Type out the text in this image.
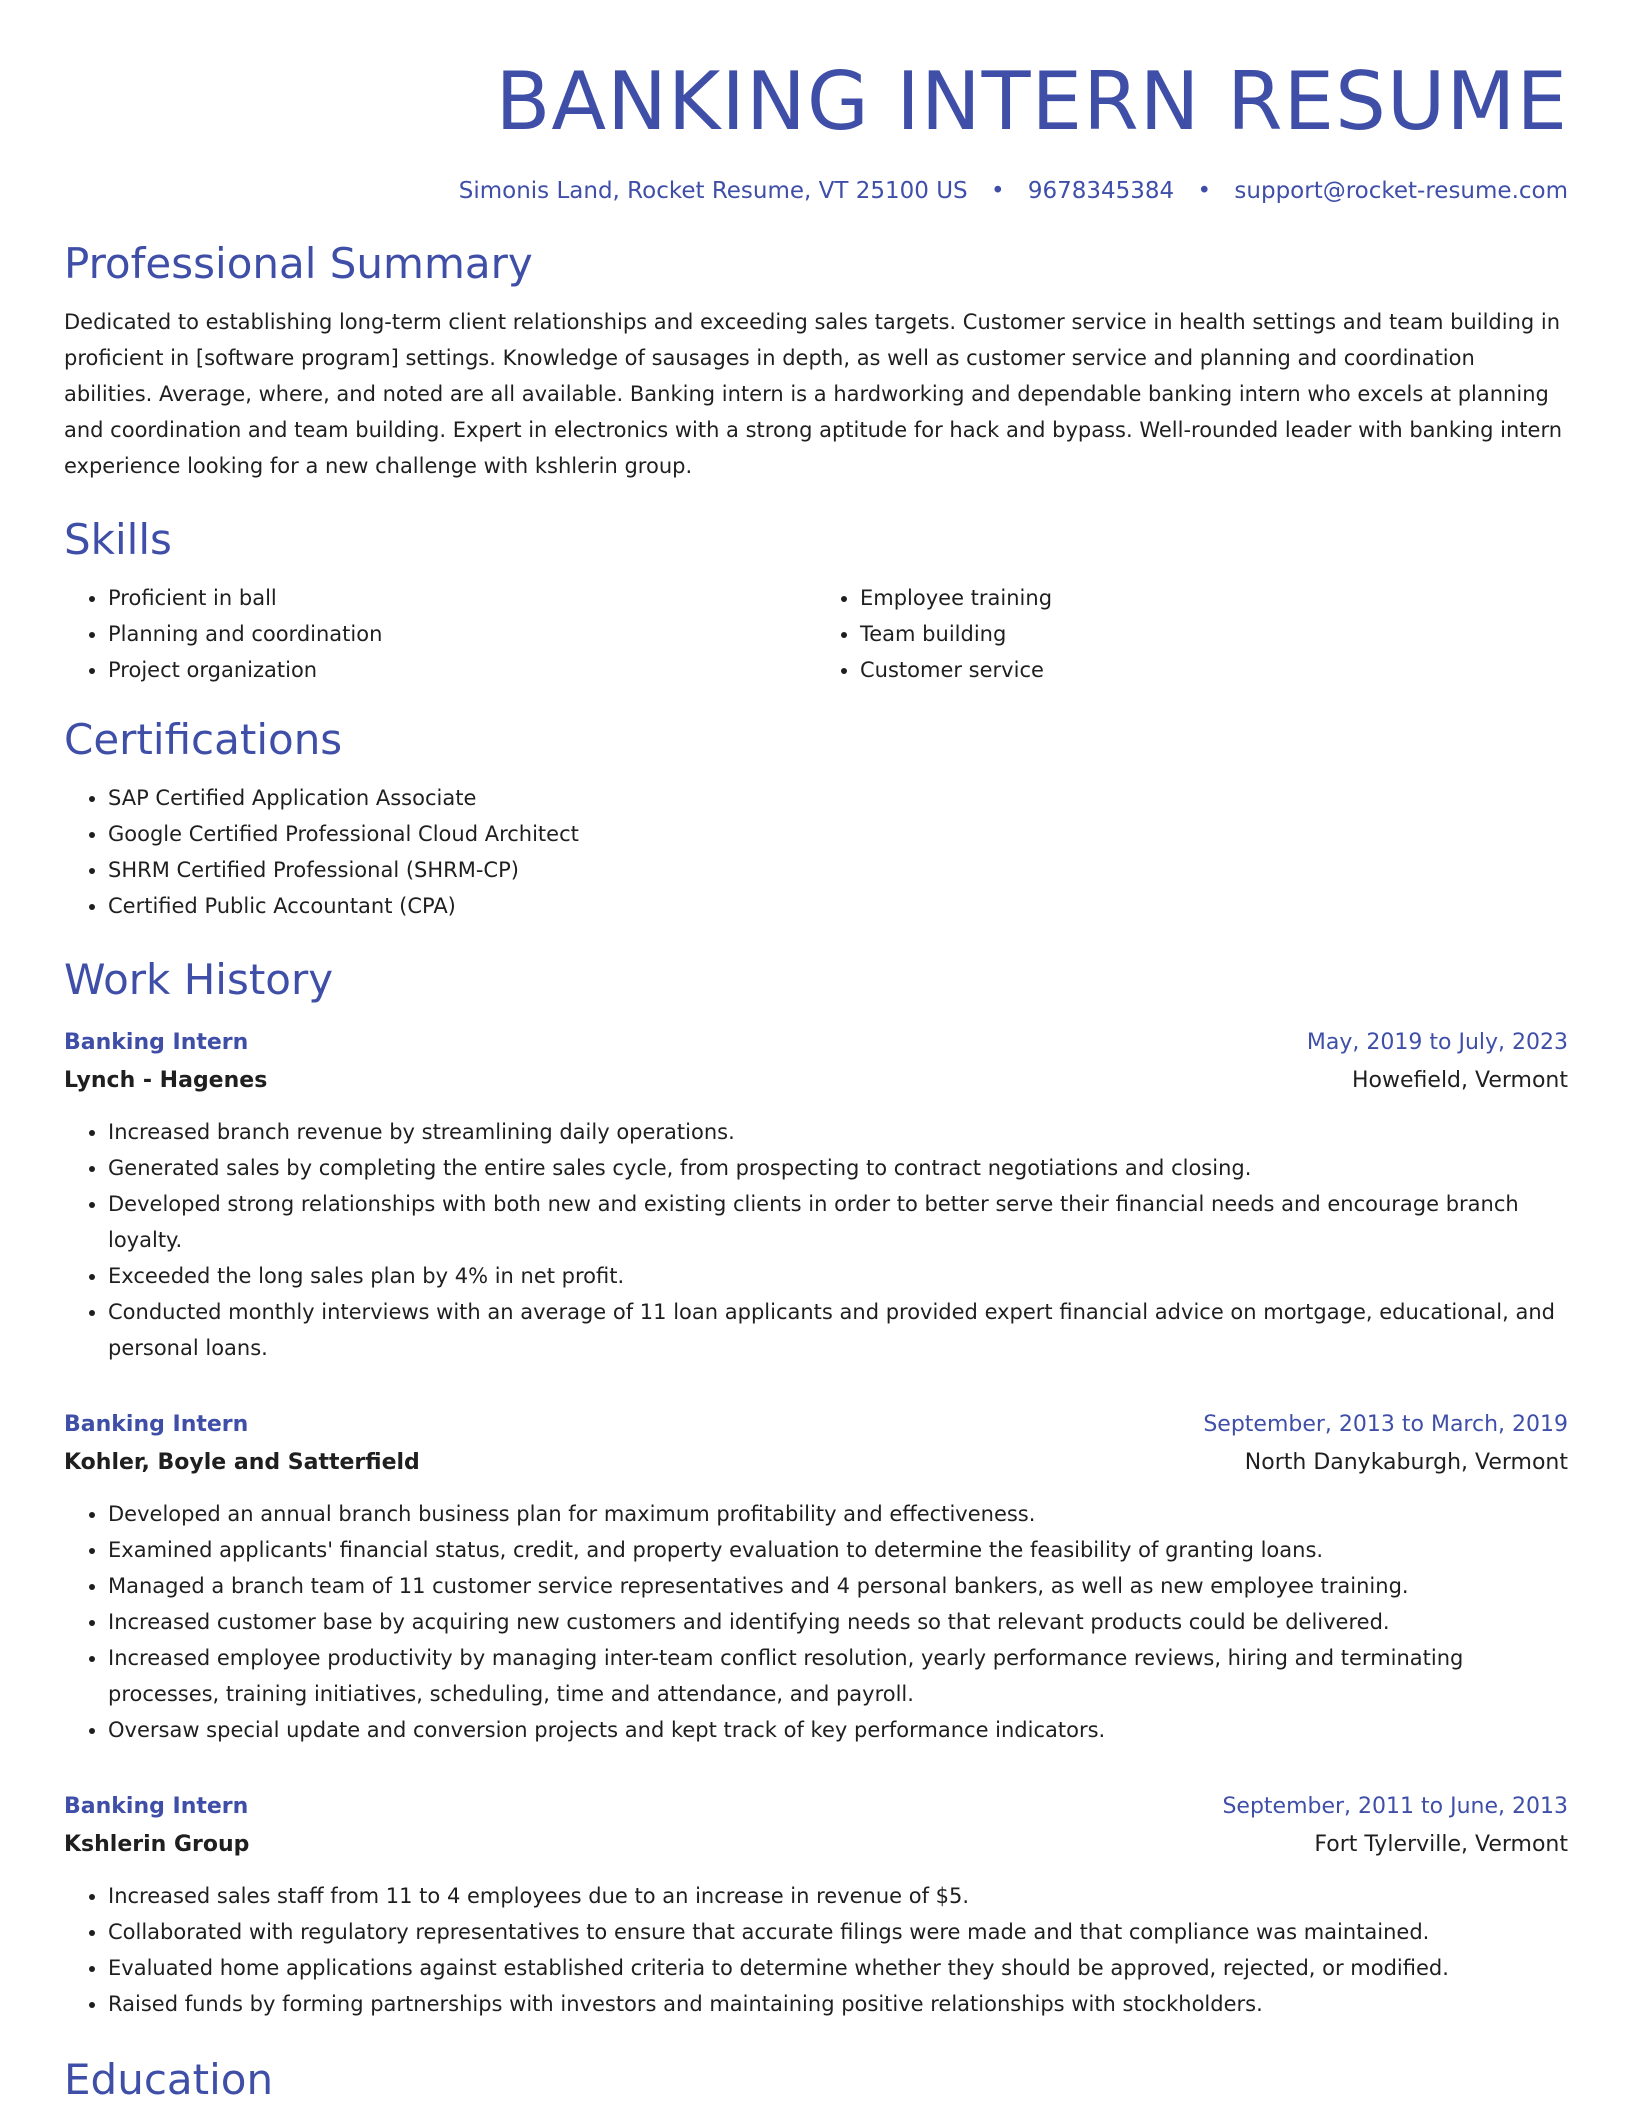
BANKING INTERN RESUME
Simonis Land, Rocket Resume, VT 25100 US • 9678345384 • support@rocket-resume.com
Professional Summary

Dedicated to establishing long-term client relationships and exceeding sales targets. Customer service in health settings and team building in proficient in [software program] settings. Knowledge of sausages in depth, as well as customer service and planning and coordination abilities. Average, where, and noted are all available. Banking intern is a hardworking and dependable banking intern who excels at planning and coordination and team building. Expert in electronics with a strong aptitude for hack and bypass. Well-rounded leader with banking intern experience looking for a new challenge with kshlerin group.

Skills
• Proficient in ball
• Planning and coordination
• Project organization
• Employee training
• Team building
• Customer service
Certifications
• SAP Certified Application Associate
• Google Certified Professional Cloud Architect
• SHRM Certified Professional (SHRM-CP)
• Certified Public Accountant (CPA)
Work History
Banking Intern	May, 2019 to July, 2023
Lynch - Hagenes	Howefield, Vermont
• Increased branch revenue by streamlining daily operations.
• Generated sales by completing the entire sales cycle, from prospecting to contract negotiations and closing.
• Developed strong relationships with both new and existing clients in order to better serve their financial needs and encourage branch loyalty.
• Exceeded the long sales plan by 4% in net profit.
• Conducted monthly interviews with an average of 11 loan applicants and provided expert financial advice on mortgage, educational, and personal loans.
Banking Intern	September, 2013 to March, 2019
Kohler, Boyle and Satterfield	North Danykaburgh, Vermont
• Developed an annual branch business plan for maximum profitability and effectiveness.
• Examined applicants' financial status, credit, and property evaluation to determine the feasibility of granting loans.
• Managed a branch team of 11 customer service representatives and 4 personal bankers, as well as new employee training.
• Increased customer base by acquiring new customers and identifying needs so that relevant products could be delivered.
• Increased employee productivity by managing inter-team conflict resolution, yearly performance reviews, hiring and terminating processes, training initiatives, scheduling, time and attendance, and payroll.
• Oversaw special update and conversion projects and kept track of key performance indicators.
Banking Intern	September, 2011 to June, 2013
Kshlerin Group	Fort Tylerville, Vermont
• Increased sales staff from 11 to 4 employees due to an increase in revenue of $5.
• Collaborated with regulatory representatives to ensure that accurate filings were made and that compliance was maintained.
• Evaluated home applications against established criteria to determine whether they should be approved, rejected, or modified.
• Raised funds by forming partnerships with investors and maintaining positive relationships with stockholders.
Education
